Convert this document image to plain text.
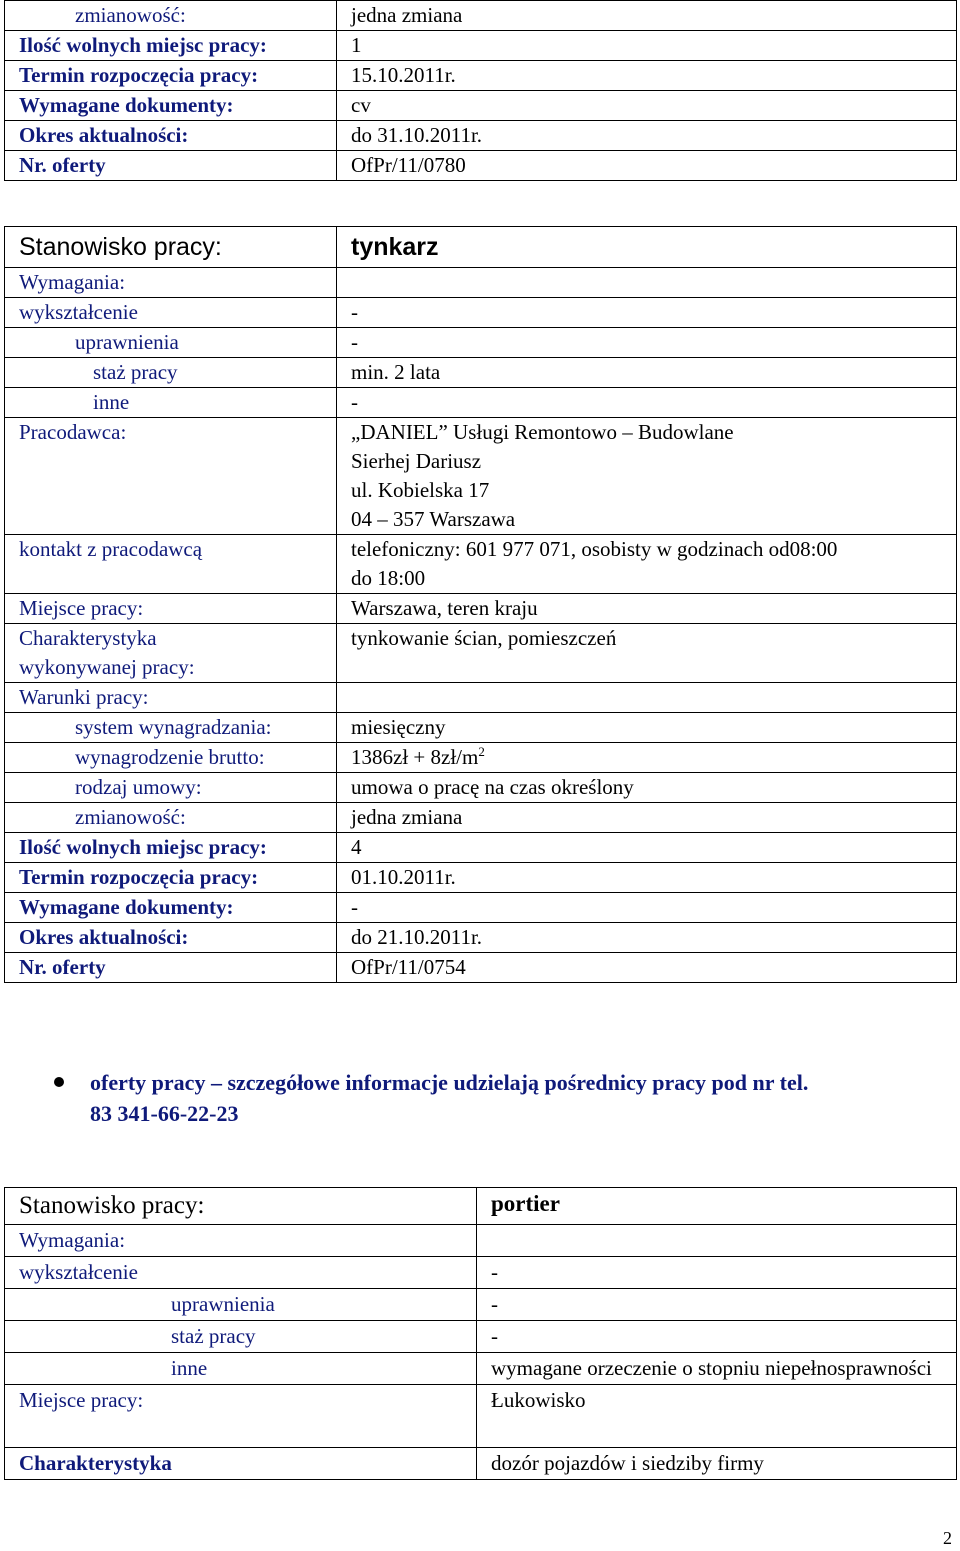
zmianowość:	jedna zmiana
Ilość wolnych miejsc pracy:	1
Termin rozpoczęcia pracy:	15.10.2011r.
Wymagane dokumenty:	cv
Okres aktualności:	do 31.10.2011r.
Nr. oferty	OfPr/11/0780
Stanowisko pracy:	tynkarz
Wymagania:	
wykształcenie	-
uprawnienia	-
staż pracy	min. 2 lata
inne	-
Pracodawca:	„DANIEL” Usługi Remontowo – Budowlane
Sierhej Dariusz
ul. Kobielska 17
04 – 357 Warszawa

kontakt z pracodawcą	telefoniczny: 601 977 071, osobisty w godzinach od08:00
do 18:00

Miejsce pracy:	Warszawa, teren kraju

Charakterystyka
wykonywanej pracy:	tynkowanie ścian, pomieszczeń
Warunki pracy:	
system wynagradzania:	miesięczny
wynagrodzenie brutto:	1386zł + $8zł/m^2$
rodzaj umowy:	umowa o pracę na czas określony
zmianowość:	jedna zmiana
Ilość wolnych miejsc pracy:	4
Termin rozpoczęcia pracy:	01.10.2011r.
Wymagane dokumenty:	-
Okres aktualności:	do 21.10.2011r.
Nr. oferty	OfPr/11/0754
oferty pracy – szczegółowe informacje udzielają pośrednicy pracy pod nr tel.
83 341-66-22-23
Stanowisko pracy:	portier
Wymagania:	
wykształcenie	-
uprawnienia	-
staż pracy	-
inne	wymagane orzeczenie o stopniu niepełnosprawności
Miejsce pracy:	Łukowisko
Charakterystyka	dozór pojazdów i siedziby firmy
2
